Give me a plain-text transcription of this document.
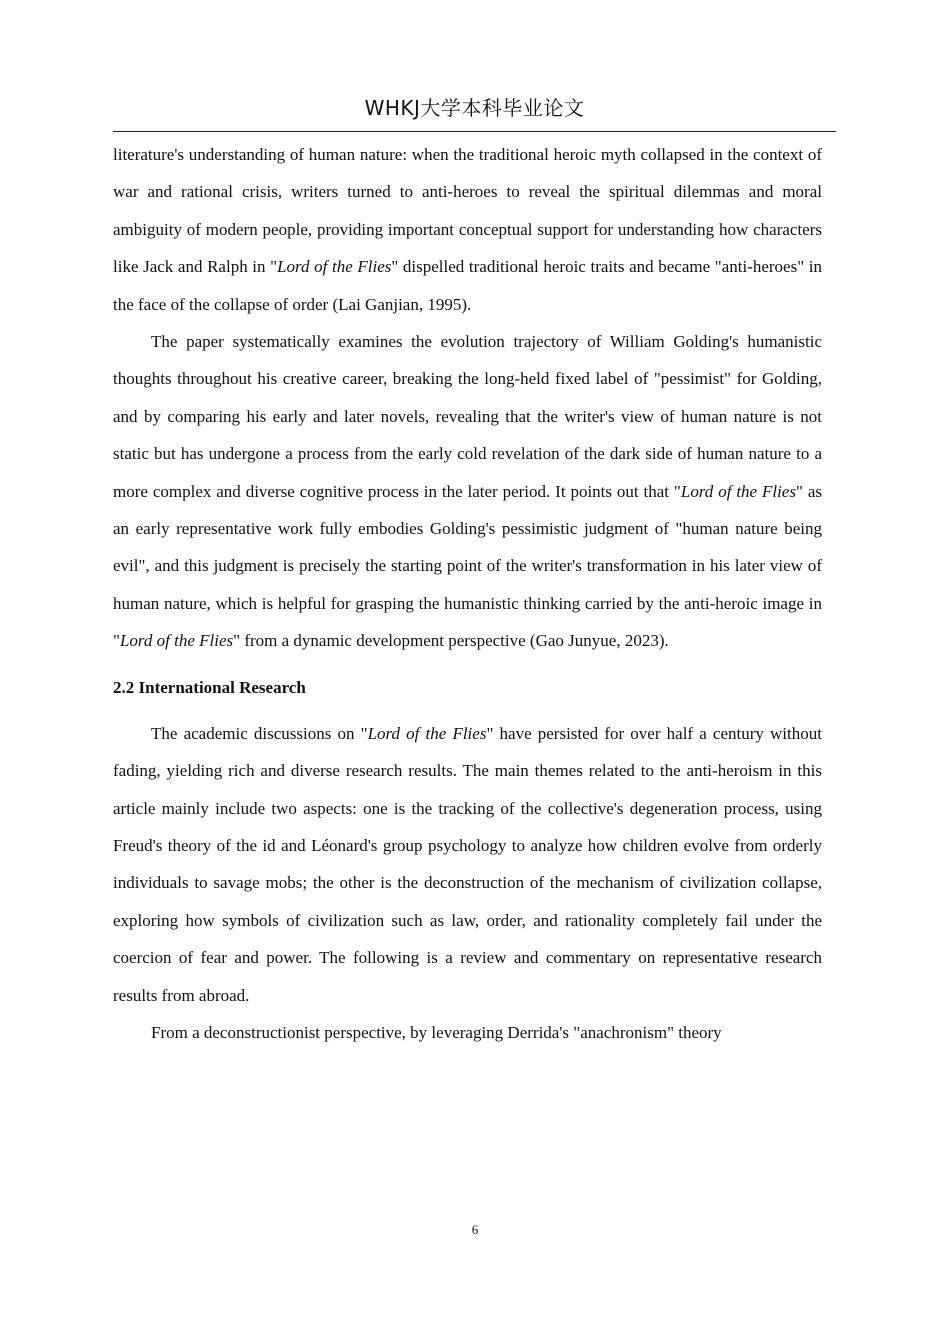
WHKJ大学本科毕业论文

literature's understanding of human nature: when the traditional heroic myth collapsed in the context of war and rational crisis, writers turned to anti-heroes to reveal the spiritual dilemmas and moral ambiguity of modern people, providing important conceptual support for understanding how characters like Jack and Ralph in "Lord of the Flies" dispelled traditional heroic traits and became "anti-heroes" in the face of the collapse of order (Lai Ganjian, 1995).

The paper systematically examines the evolution trajectory of William Golding's humanistic thoughts throughout his creative career, breaking the long-held fixed label of "pessimist" for Golding, and by comparing his early and later novels, revealing that the writer's view of human nature is not static but has undergone a process from the early cold revelation of the dark side of human nature to a more complex and diverse cognitive process in the later period. It points out that "Lord of the Flies" as an early representative work fully embodies Golding's pessimistic judgment of "human nature being evil", and this judgment is precisely the starting point of the writer's transformation in his later view of human nature, which is helpful for grasping the humanistic thinking carried by the anti-heroic image in "Lord of the Flies" from a dynamic development perspective (Gao Junyue, 2023).

2.2 International Research

The academic discussions on "Lord of the Flies" have persisted for over half a century without fading, yielding rich and diverse research results. The main themes related to the anti-heroism in this article mainly include two aspects: one is the tracking of the collective's degeneration process, using Freud's theory of the id and Léonard's group psychology to analyze how children evolve from orderly individuals to savage mobs; the other is the deconstruction of the mechanism of civilization collapse, exploring how symbols of civilization such as law, order, and rationality completely fail under the coercion of fear and power. The following is a review and commentary on representative research results from abroad.

From a deconstructionist perspective, by leveraging Derrida's "anachronism" theory

6
